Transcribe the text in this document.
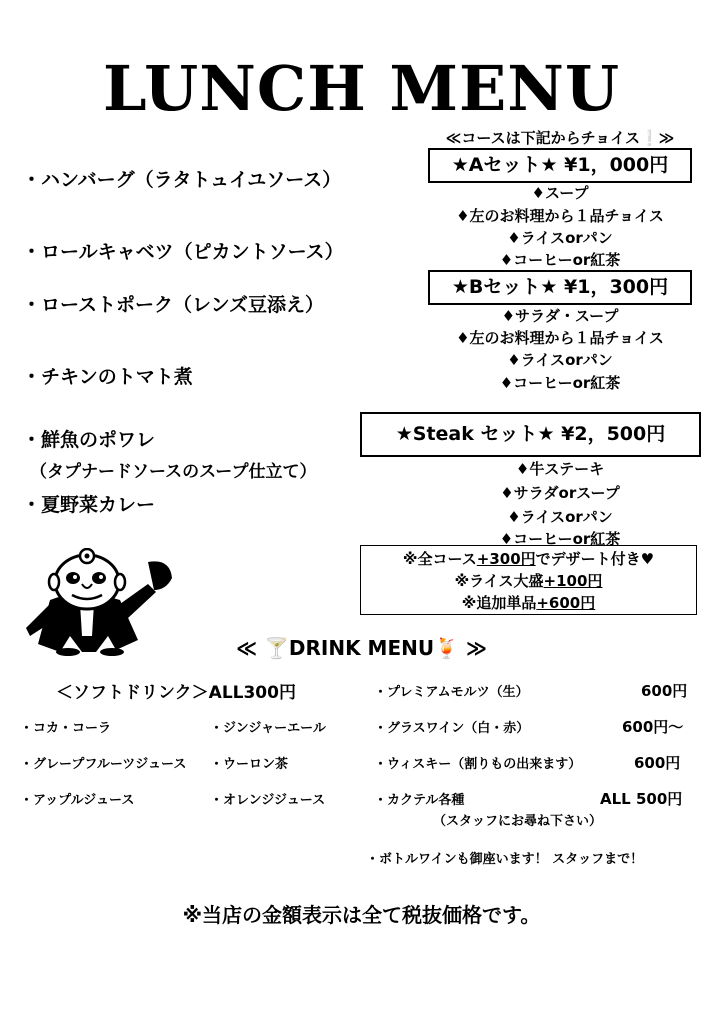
LUNCH MENU
・ハンバーグ（ラタトュイユソース）
・ロールキャベツ（ピカントソース）
・ローストポーク（レンズ豆添え）
・チキンのトマト煮
・鮮魚のポワレ
（タプナードソースのスープ仕立て）
・夏野菜カレー
≪コースは下記からチョイス❕≫
★Aセット★ ¥1，000円
♦スープ
♦左のお料理から１品チョイス
♦ライスorパン
♦コーヒーor紅茶
★Bセット★ ¥1，300円
♦サラダ・スープ
♦左のお料理から１品チョイス
♦ライスorパン
♦コーヒーor紅茶
★Steak セット★ ¥2，500円
♦牛ステーキ
♦サラダorスープ
♦ライスorパン
♦コーヒーor紅茶
※全コース+300円でデザート付き♥
※ライス大盛+100円
※追加単品+600円
≪ 🍸DRINK MENU🍹 ≫
＜ソフトドリンク＞ALL300円
・コカ・コーラ	・ジンジャーエール
・グレープフルーツジュース ・ウーロン茶
・アップルジュース	・オレンジジュース
・プレミアムモルツ（生）	600円
・グラスワイン（白・赤）	600円～
・ウィスキー（割りもの出来ます）	600円
・カクテル各種	ALL 500円
（スタッフにお尋ね下さい）
・ボトルワインも御座います！ スタッフまで！
※当店の金額表示は全て税抜価格です。
